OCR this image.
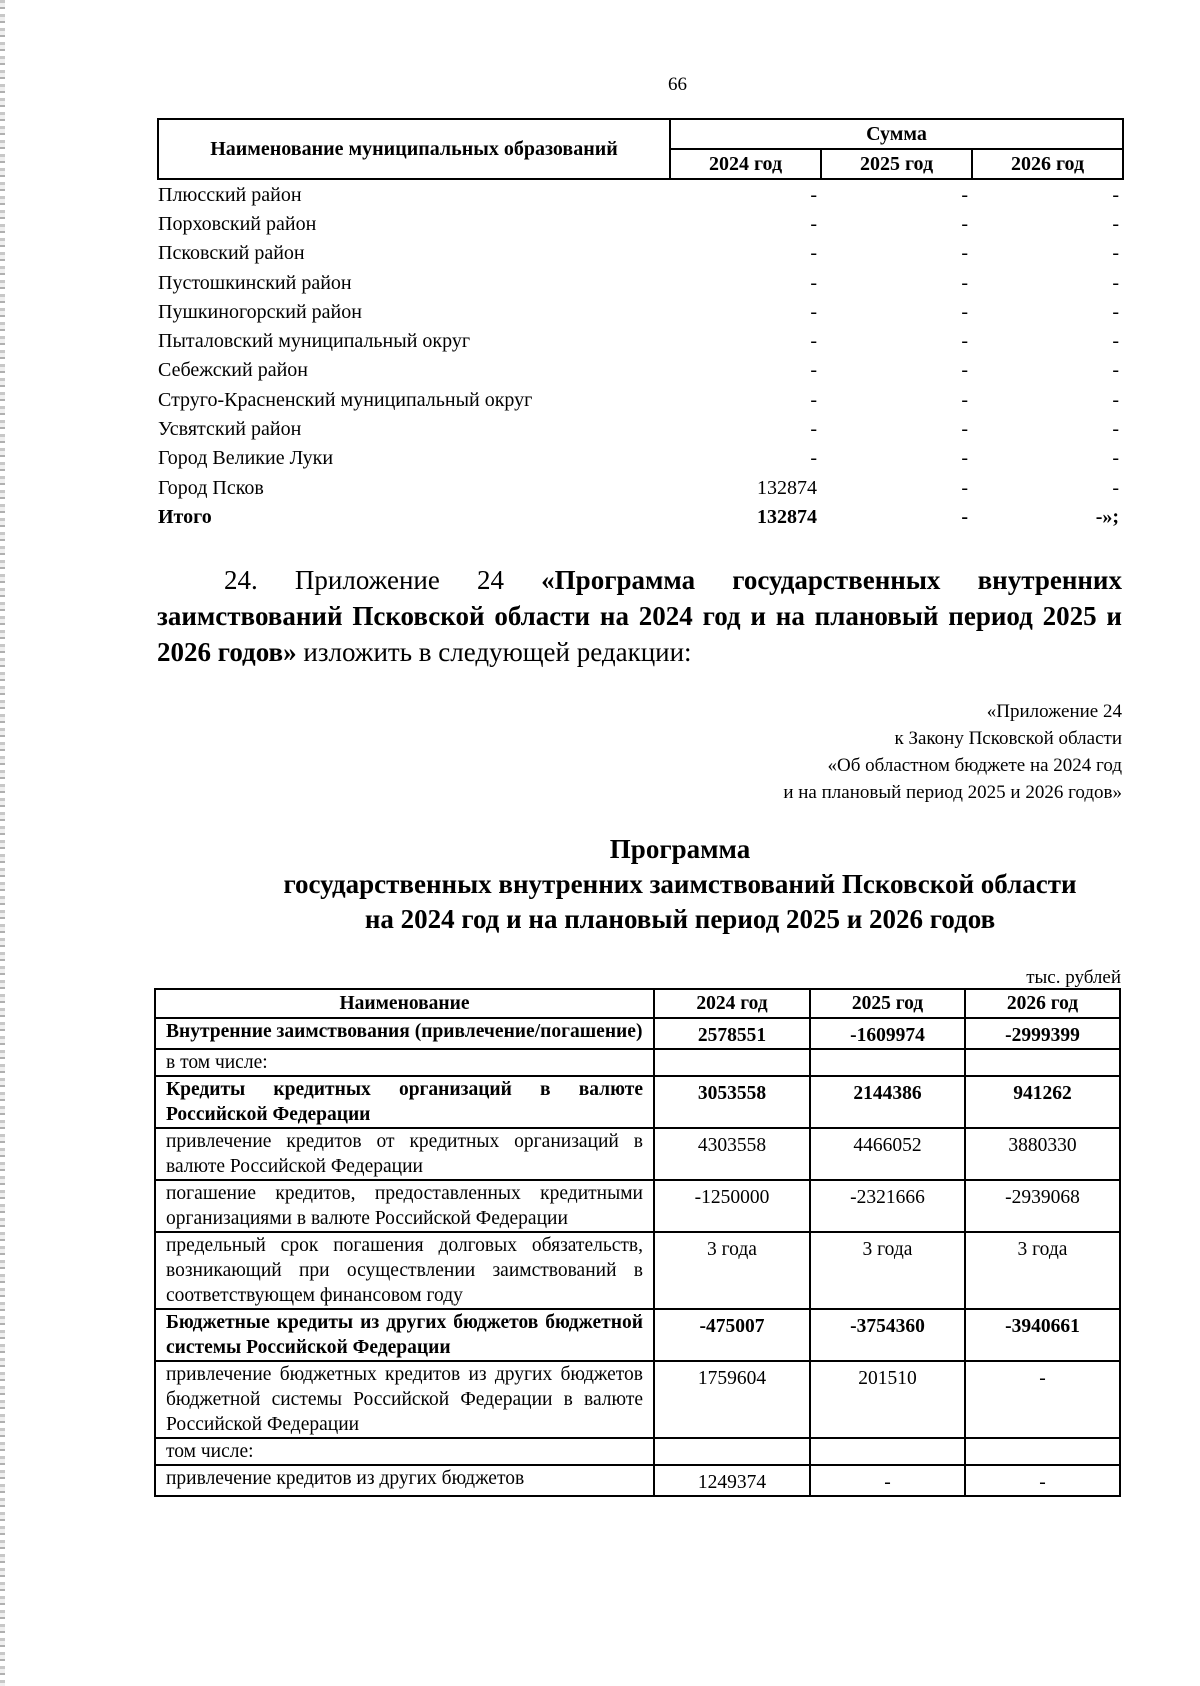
66
Наименование муниципальных образований	Сумма		
	2024 год	2025 год	2026 год
Плюсский район	-	-	-
Порховский район	-	-	-
Псковский район	-	-	-
Пустошкинский район	-	-	-
Пушкиногорский район	-	-	-
Пыталовский муниципальный округ	-	-	-
Себежский район	-	-	-
Струго-Красненский муниципальный округ	-	-	-
Усвятский район	-	-	-
Город Великие Луки	-	-	-
Город Псков	132874	-	-
Итого	132874	-	-»;
24. Приложение 24 «Программа государственных внутренних заимствований Псковской области на 2024 год и на плановый период 2025 и 2026 годов» изложить в следующей редакции:
«Приложение 24
к Закону Псковской области
«Об областном бюджете на 2024 год
и на плановый период 2025 и 2026 годов»
Программа
государственных внутренних заимствований Псковской области
на 2024 год и на плановый период 2025 и 2026 годов
тыс. рублей
Наименование	2024 год	2025 год	2026 год
Внутренние заимствования (привлечение/погашение)	2578551	-1609974	-2999399
в том числе:			
Кредиты кредитных организаций в валюте Российской Федерации	3053558	2144386	941262
привлечение кредитов от кредитных организаций в валюте Российской Федерации	4303558	4466052	3880330
погашение кредитов, предоставленных кредитными организациями в валюте Российской Федерации	-1250000	-2321666	-2939068
предельный срок погашения долговых обязательств, возникающий при осуществлении заимствований в соответствующем финансовом году	3 года	3 года	3 года
Бюджетные кредиты из других бюджетов бюджетной системы Российской Федерации	-475007	-3754360	-3940661
привлечение бюджетных кредитов из других бюджетов бюджетной системы Российской Федерации в валюте Российской Федерации	1759604	201510	-
том числе:			
привлечение кредитов из других бюджетов	1249374	-	-
